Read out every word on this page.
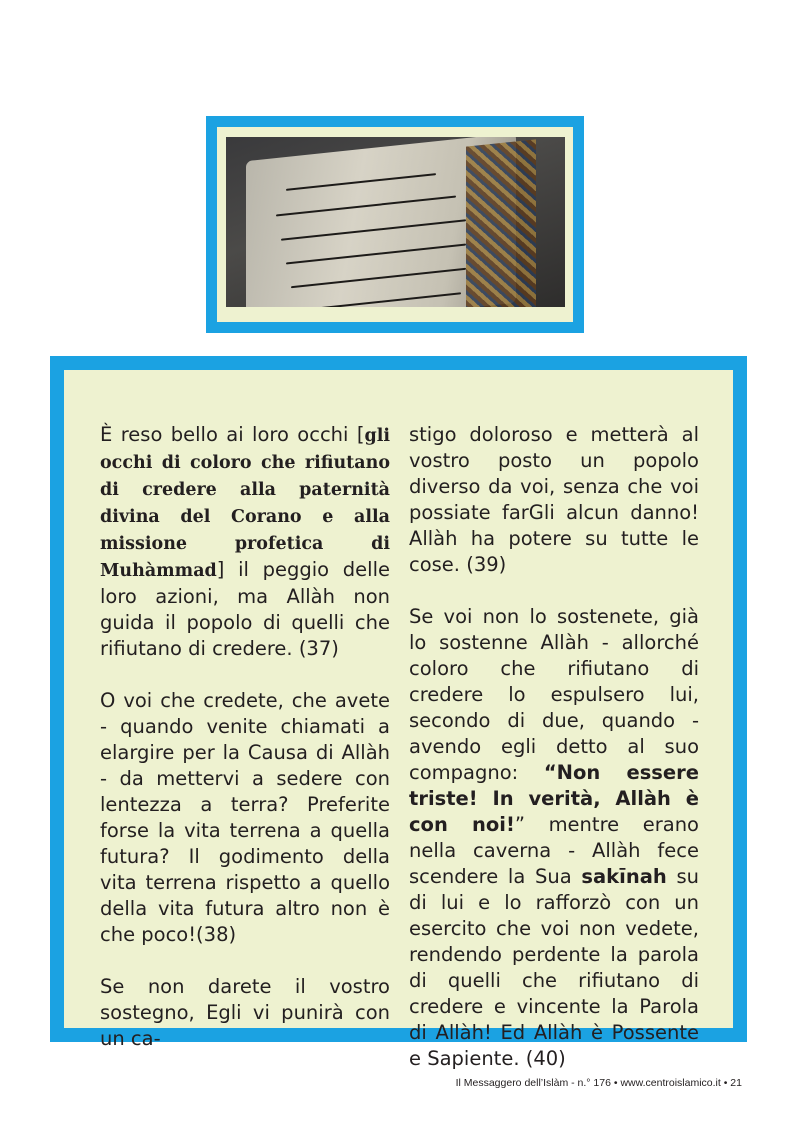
È reso bello ai loro occhi [gli occhi di coloro che rifiutano di credere alla paternità divina del Corano e alla missione profetica di Muhàmmad] il peggio delle loro azioni, ma Allàh non guida il popolo di quelli che rifiutano di credere. (37)

O voi che credete, che avete - quando venite chiamati a elargire per la Causa di Allàh - da mettervi a sedere con lentezza a terra? Preferite forse la vita terrena a quella futura? Il godimento della vita terrena rispetto a quello della vita futura altro non è che poco!(38)

Se non darete il vostro sostegno, Egli vi punirà con un ca-

stigo doloroso e metterà al vostro posto un popolo diverso da voi, senza che voi possiate farGli alcun danno! Allàh ha potere su tutte le cose. (39)

Se voi non lo sostenete, già lo sostenne Allàh - allorché coloro che rifiutano di credere lo espulsero lui, secondo di due, quando - avendo egli detto al suo compagno: “Non essere triste! In verità, Allàh è con noi!” mentre erano nella caverna - Allàh fece scendere la Sua sakīnah su di lui e lo rafforzò con un esercito che voi non vedete, rendendo perdente la parola di quelli che rifiutano di credere e vincente la Parola di Allàh! Ed Allàh è Possente e Sapiente. (40)

Il Messaggero dell’Islàm - n.° 176 • www.centroislamico.it • 21
